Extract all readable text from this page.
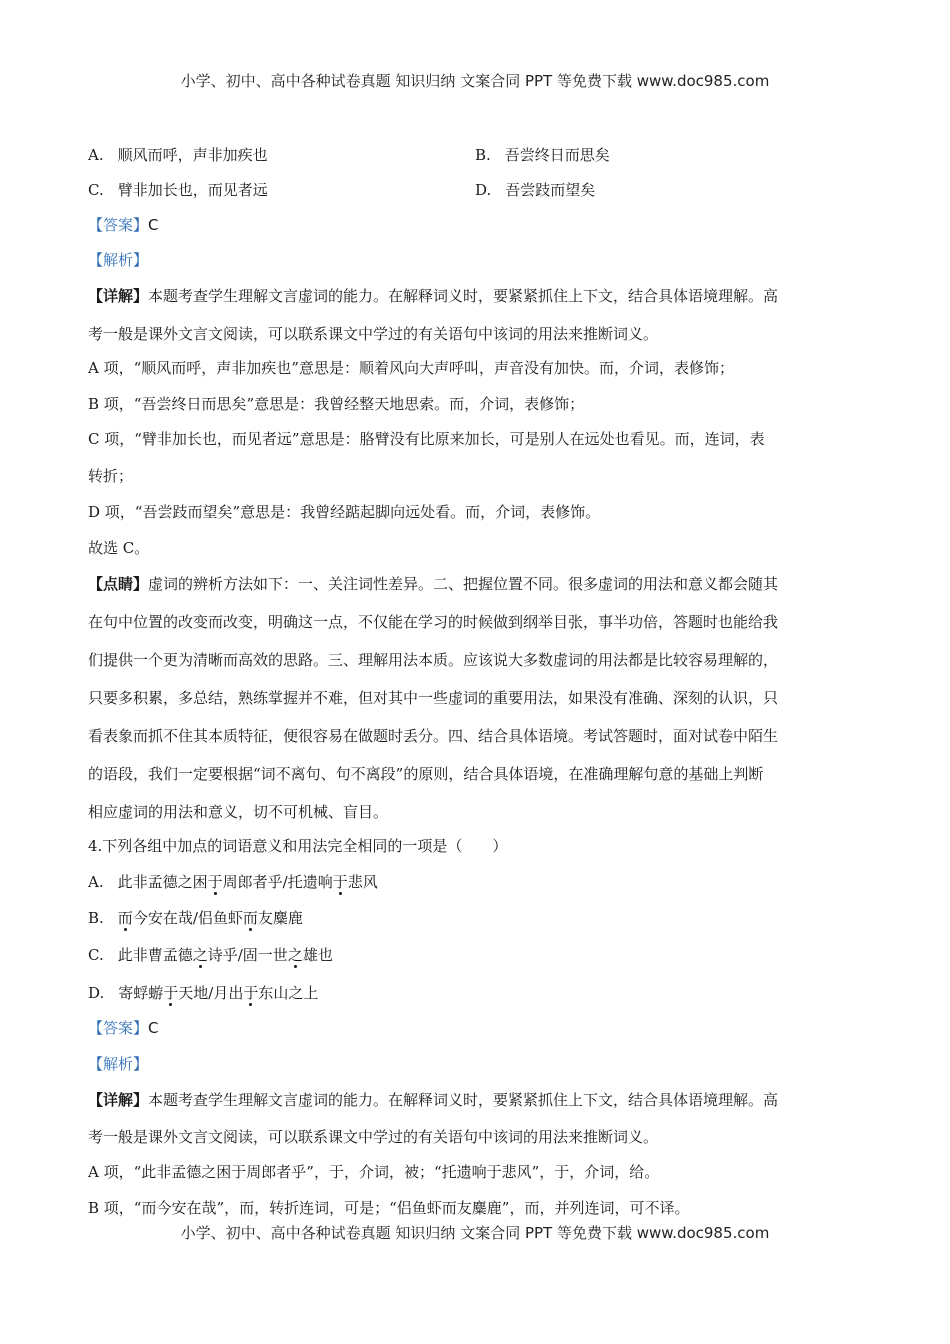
小学、初中、高中各种试卷真题 知识归纳 文案合同 PPT 等免费下载 www.doc985.com
A. 顺风而呼，声非加疾也	B. 吾尝终日而思矣
C. 臂非加长也，而见者远	D. 吾尝跂而望矣
【答案】C
【解析】
【详解】本题考查学生理解文言虚词的能力。在解释词义时，要紧紧抓住上下文，结合具体语境理解。高
考一般是课外文言文阅读，可以联系课文中学过的有关语句中该词的用法来推断词义。
A 项，“顺风而呼，声非加疾也”意思是：顺着风向大声呼叫，声音没有加快。而，介词，表修饰；
B 项，“吾尝终日而思矣”意思是：我曾经整天地思索。而，介词，表修饰；
C 项，“臂非加长也，而见者远”意思是：胳臂没有比原来加长，可是别人在远处也看见。而，连词，表
转折；
D 项，“吾尝跂而望矣”意思是：我曾经踮起脚向远处看。而，介词，表修饰。
故选 C。
【点睛】虚词的辨析方法如下：一、关注词性差异。二、把握位置不同。很多虚词的用法和意义都会随其
在句中位置的改变而改变，明确这一点，不仅能在学习的时候做到纲举目张，事半功倍，答题时也能给我
们提供一个更为清晰而高效的思路。三、理解用法本质。应该说大多数虚词的用法都是比较容易理解的，
只要多积累，多总结，熟练掌握并不难，但对其中一些虚词的重要用法，如果没有准确、深刻的认识，只
看表象而抓不住其本质特征，便很容易在做题时丢分。四、结合具体语境。考试答题时，面对试卷中陌生
的语段，我们一定要根据“词不离句、句不离段”的原则，结合具体语境，在准确理解句意的基础上判断
相应虚词的用法和意义，切不可机械、盲目。
4.下列各组中加点的词语意义和用法完全相同的一项是（　　）
A. 此非孟德之困于周郎者乎/托遗响于悲风
B. 而今安在哉/侣鱼虾而友麋鹿
C. 此非曹孟德之诗乎/固一世之雄也
D. 寄蜉蝣于天地/月出于东山之上
【答案】C
【解析】
【详解】本题考查学生理解文言虚词的能力。在解释词义时，要紧紧抓住上下文，结合具体语境理解。高
考一般是课外文言文阅读，可以联系课文中学过的有关语句中该词的用法来推断词义。
A 项，“此非孟德之困于周郎者乎”，于，介词，被；“托遗响于悲风”，于，介词，给。
B 项，“而今安在哉”，而，转折连词，可是；“侣鱼虾而友麋鹿”，而，并列连词，可不译。
小学、初中、高中各种试卷真题 知识归纳 文案合同 PPT 等免费下载 www.doc985.com
